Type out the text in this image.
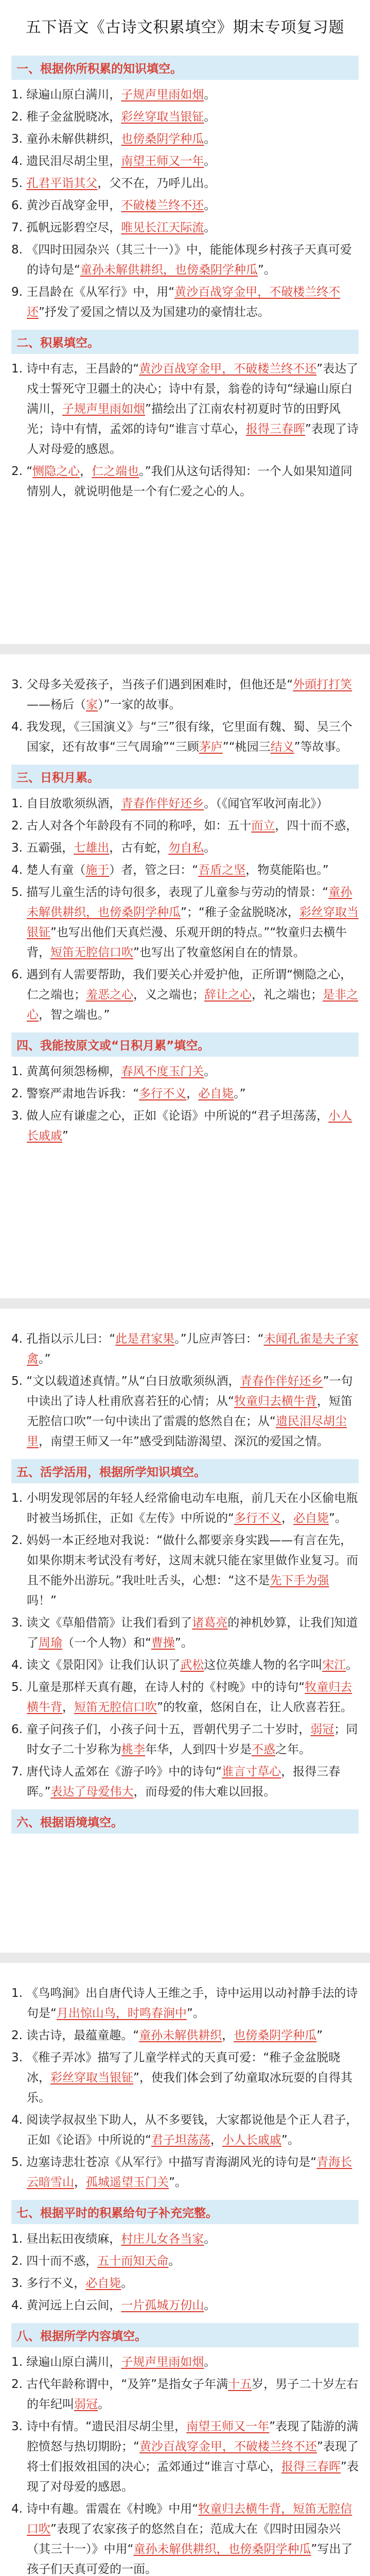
五下语文《古诗文积累填空》期末专项复习题
一、根据你所积累的知识填空。
1. 绿遍山原白满川，子规声里雨如烟。
2. 稚子金盆脱晓冰，彩丝穿取当银钲。
3. 童孙未解供耕织，也傍桑阴学种瓜。
4. 遗民泪尽胡尘里，南望王师又一年。
5. 孔君平诣其父，父不在，乃呼儿出。
6. 黄沙百战穿金甲，不破楼兰终不还。
7. 孤帆远影碧空尽，唯见长江天际流。
8. 《四时田园杂兴（其三十一）》中，能能体现乡村孩子天真可爱的诗句是“童孙未解供耕织，也傍桑阴学种瓜”。
9. 王昌龄在《从军行》中，用“黄沙百战穿金甲，不破楼兰终不还”抒发了爱国之情以及为国建功的豪情壮志。
二、积累填空。
1. 诗中有志，王昌龄的“黄沙百战穿金甲，不破楼兰终不还”表达了戍士誓死守卫疆土的决心；诗中有景，翁卷的诗句“绿遍山原白满川，子规声里雨如烟”描绘出了江南农村初夏时节的田野风光；诗中有情，孟郊的诗句“谁言寸草心，报得三春晖”表现了诗人对母爱的感恩。
2. “恻隐之心，仁之端也。”我们从这句话得知：一个人如果知道同情别人，就说明他是一个有仁爱之心的人。
3. 父母多关爱孩子，当孩子们遇到困难时，但他还是“外頭打打笑——杨后（家）”一家的故事。
4. 我发现，《三国演义》与“三”很有缘，它里面有魏、蜀、吴三个国家，还有故事“三气周瑜”“三顾茅庐”“桃园三结义”等故事。
三、日积月累。
1. 自目放歌须纵酒，青春作伴好还乡。（《闻官军收河南北》）
2. 古人对各个年龄段有不同的称呼，如：五十而立，四十而不惑，
3. 五霸强，七雄出，古有蛇，勿自私。
4. 楚人有童（施于）者，管之曰：“吾盾之坚，物莫能陷也。”
5. 描写儿童生活的诗句很多，表现了儿童参与劳动的情景：“童孙未解供耕织，也傍桑阴学种瓜”；“稚子金盆脱晓冰，彩丝穿取当银钲”也写出他们天真烂漫、乐观开朗的特点。”“牧童归去横牛背，短笛无腔信口吹”也写出了牧童悠闲自在的情景。
6. 遇到有人需要帮助，我们要关心并爱护他，正所谓“恻隐之心，仁之端也；羞恶之心，义之端也；辞让之心，礼之端也；是非之心，智之端也。”
四、我能按原文或“日积月累”填空。
1. 黄萬何须怨杨柳，春风不度玉门关。
2. 警察严肃地告诉我：“多行不义，必自毙。”
3. 做人应有谦虚之心，正如《论语》中所说的“君子坦荡荡，小人长戚戚”
4. 孔指以示儿曰：“此是君家果。”儿应声答曰：“未闻孔雀是夫子家禽。”
5. “文以载道述真情。”从“白日放歌须纵酒，青春作伴好还乡”一句中读出了诗人杜甫欣喜若狂的心情；从“牧童归去横牛背，短笛无腔信口吹”一句中读出了雷震的悠然自在；从“遗民泪尽胡尘里，南望王师又一年”感受到陆游渴望、深沉的爱国之情。
五、活学活用，根据所学知识填空。
1. 小明发现邻居的年轻人经常偷电动车电瓶，前几天在小区偷电瓶时被当场抓住，正如《左传》中所说的“多行不义，必自毙”。
2. 妈妈一本正经地对我说：“做什么都要亲身实践——有言在先，如果你期末考试没有考好，这周末就只能在家里做作业复习。而且不能外出游玩。”我吐吐舌头，心想：“这不是先下手为强吗！”
3. 读文《草船借箭》让我们看到了诸葛亮的神机妙算，让我们知道了周瑜（一个人物）和“曹操”。
4. 读文《景阳冈》让我们认识了武松这位英雄人物的名字叫宋江。
5. 儿童是那样天真有趣，在诗人村的《村晚》中的诗句“牧童归去横牛背，短笛无腔信口吹”的牧童，悠闲自在，让人欣喜若狂。
6. 童子问孩子们，小孩子问十五，晋朝代男子二十岁时，弱冠；同时女子二十岁称为桃李年华，人到四十岁是不惑之年。
7. 唐代诗人孟郊在《游子吟》中的诗句“谁言寸草心，报得三春晖。”表达了母爱伟大，而母爱的伟大难以回报。
六、根据语境填空。
1. 《鸟鸣涧》出自唐代诗人王维之手，诗中运用以动衬静手法的诗句是“月出惊山鸟，时鸣春涧中”。
2. 读古诗，最蕴童趣。“童孙未解供耕织，也傍桑阴学种瓜”
3. 《稚子弄冰》描写了儿童学样式的天真可爱：“稚子金盆脱晓冰，彩丝穿取当银钲”，使我们体会到了幼童取冰玩耍的自得其乐。
4. 阅读学叔叔坐下助人，从不多要钱，大家都说他是个正人君子，正如《论语》中所说的“君子坦荡荡，小人长戚戚”。
5. 边塞诗悲壮苍凉《从军行》中描写青海湖风光的诗句是“青海长云暗雪山，孤城遥望玉门关”。
七、根据平时的积累给句子补充完整。
1. 昼出耘田夜绩麻，村庄儿女各当家。
2. 四十而不惑，五十而知天命。
3. 多行不义，必自毙。
4. 黄河远上白云间，一片孤城万仞山。
八、根据所学内容填空。
1. 绿遍山原白满川，子规声里雨如烟。
2. 古代年龄称谓中，“及笄”是指女子年满十五岁，男子二十岁左右的年纪叫弱冠。
3. 诗中有情。“遗民泪尽胡尘里，南望王师又一年”表现了陆游的满腔愤怒与热切期盼；“黄沙百战穿金甲，不破楼兰终不还”表现了将士们报效祖国的决心；孟郊通过“谁言寸草心，报得三春晖”表现了对母爱的感恩。
4. 诗中有趣。雷震在《村晚》中用“牧童归去横牛背，短笛无腔信口吹”表现了农家孩子的悠然自在；范成大在《四时田园杂兴（其三十一）》中用“童孙未解供耕织，也傍桑阴学种瓜”写出了孩子们天真可爱的一面。
